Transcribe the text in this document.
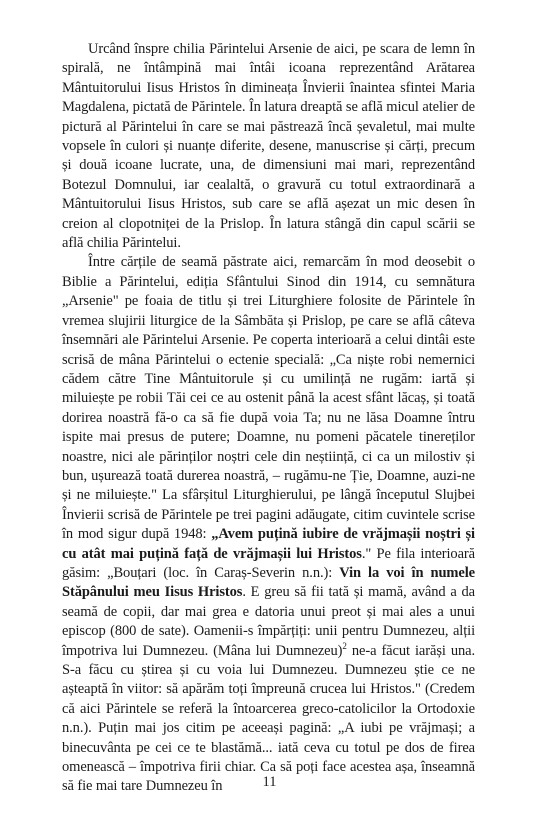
Urcând înspre chilia Părintelui Arsenie de aici, pe scara de lemn în spirală, ne întâmpină mai întâi icoana reprezentând Arătarea Mântuitorului Iisus Hristos în dimineața Învierii înaintea sfintei Maria Magdalena, pictată de Părintele. În latura dreaptă se află micul atelier de pictură al Părintelui în care se mai păstrează încă șevaletul, mai multe vopsele în culori și nuanțe diferite, desene, manuscrise și cărți, precum și două icoane lucrate, una, de dimensiuni mai mari, reprezentând Botezul Domnului, iar cealaltă, o gravură cu totul extraordinară a Mântuitorului Iisus Hristos, sub care se află așezat un mic desen în creion al clopotniței de la Prislop. În latura stângă din capul scării se află chilia Părintelui.

Între cărțile de seamă păstrate aici, remarcăm în mod deosebit o Biblie a Părintelui, ediția Sfântului Sinod din 1914, cu semnătura „Arsenie" pe foaia de titlu și trei Liturghiere folosite de Părintele în vremea slujirii liturgice de la Sâmbăta și Prislop, pe care se află câteva însemnări ale Părintelui Arsenie. Pe coperta interioară a celui dintâi este scrisă de mâna Părintelui o ectenie specială: „Ca niște robi nemernici cădem către Tine Mântuitorule și cu umilință ne rugăm: iartă și miluiește pe robii Tăi cei ce au ostenit până la acest sfânt lăcaș, și toată dorirea noastră fă-o ca să fie după voia Ta; nu ne lăsa Doamne întru ispite mai presus de putere; Doamne, nu pomeni păcatele tinereților noastre, nici ale părinților noștri cele din neștiință, ci ca un milostiv și bun, ușurează toată durerea noastră, – rugămu-ne Ție, Doamne, auzi-ne și ne miluiește." La sfârșitul Liturghierului, pe lângă începutul Slujbei Învierii scrisă de Părintele pe trei pagini adăugate, citim cuvintele scrise în mod sigur după 1948: „Avem puțină iubire de vrăjmașii noștri și cu atât mai puțină față de vrăjmașii lui Hristos." Pe fila interioară găsim: „Bouțari (loc. în Caraș-Severin n.n.): Vin la voi în numele Stăpânului meu Iisus Hristos. E greu să fii tată și mamă, având a da seamă de copii, dar mai grea e datoria unui preot și mai ales a unui episcop (800 de sate). Oamenii-s împărțiți: unii pentru Dumnezeu, alții împotriva lui Dumnezeu. (Mâna lui Dumnezeu)$^2$ ne-a făcut iarăși una. S-a făcu cu știrea și cu voia lui Dumnezeu. Dumnezeu știe ce ne așteaptă în viitor: să apărăm toți împreună crucea lui Hristos." (Credem că aici Părintele se referă la întoarcerea greco-catolicilor la Ortodoxie n.n.). Puțin mai jos citim pe aceeași pagină: „A iubi pe vrăjmași; a binecuvânta pe cei ce te blastămă... iată ceva cu totul pe dos de firea omenească – împotriva firii chiar. Ca să poți face acestea așa, înseamnă să fie mai tare Dumnezeu în	11
